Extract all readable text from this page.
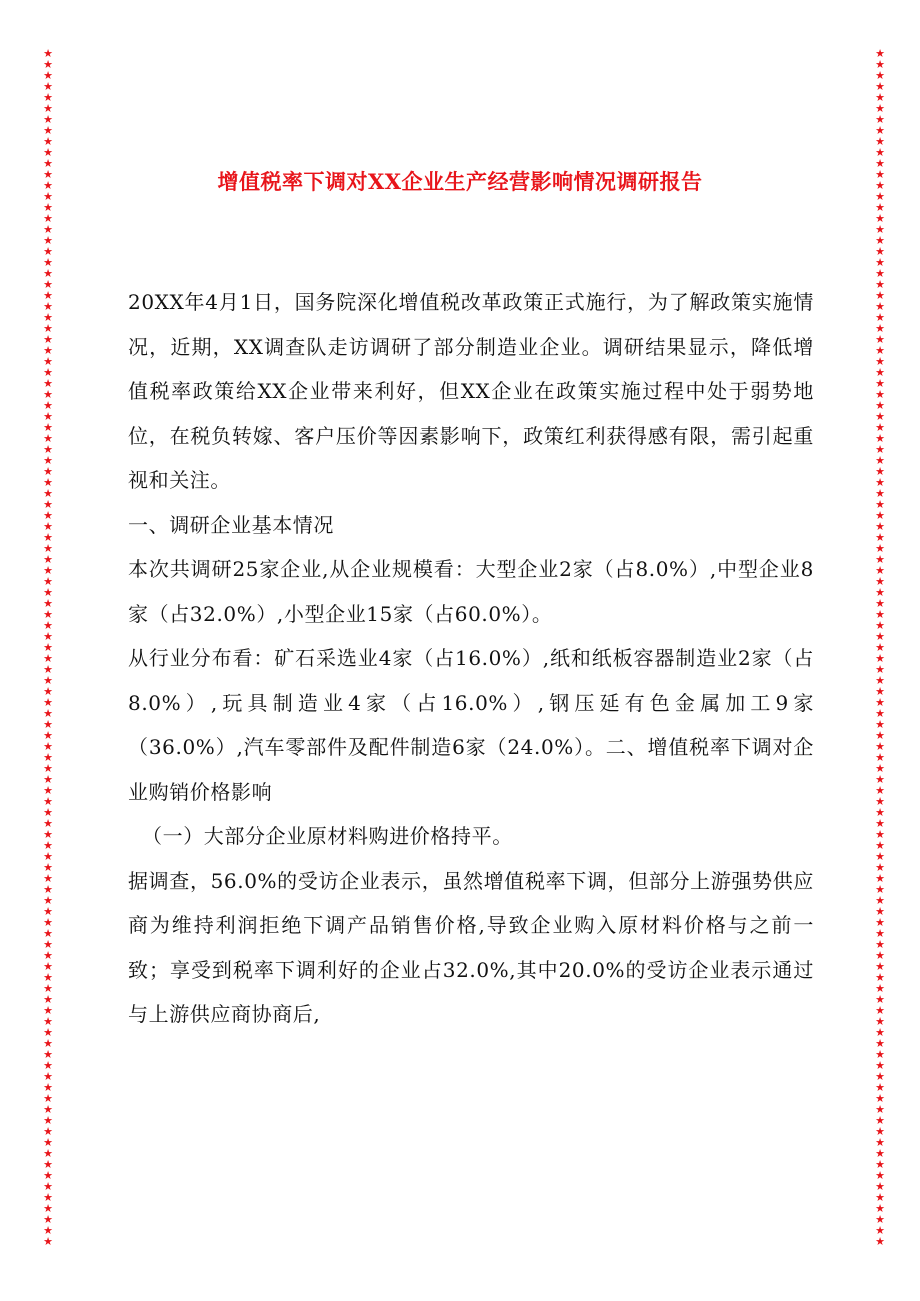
★
★
★
★
★
★
★
★
★
★
★
★
★
★
★
★
★
★
★
★
★
★
★
★
★
★
★
★
★
★
★
★
★
★
★
★
★
★
★
★
★
★
★
★
★
★
★
★
★
★
★
★
★
★
★
★
★
★
★
★
★
★
★
★
★
★
★
★
★
★
★
★
★
★
★
★
★
★
★
★
★
★
★
★
★
★
★
★
★
★
★
★
★
★
★
★
★
★
★
★
★
★
★
★
★
★
★
★
★
★
★
★
★
★
★
★
★
★
★
★
★
★
★
★
★
★
★
★
★
★
★
★
★
★
★
★
★
★
★
★
★
★
★
★
★
★
★
★
★
★
★
★
★
★
★
★
★
★
★
★
★
★
★
★
★
★
★
★
★
★
★
★
★
★
★
★
★
★
★
★
★
★
★
★
★
★
★
★
★
★
★
★
★
★
★
★
★
★
★
★
★
★
★
★
★
★
★
★
★
★
★
★
★
★
★
★
★
★
增值税率下调对XX企业生产经营影响情况调研报告

20XX年4月1日，国务院深化增值税改革政策正式施行，为了解政策实施情况，近期，XX调查队走访调研了部分制造业企业。调研结果显示，降低增值税率政策给XX企业带来利好，但XX企业在政策实施过程中处于弱势地位，在税负转嫁、客户压价等因素影响下，政策红利获得感有限，需引起重视和关注。

一、调研企业基本情况

本次共调研25家企业,从企业规模看：大型企业2家（占8.0%）,中型企业8家（占32.0%）,小型企业15家（占60.0%）。

从行业分布看：矿石采选业4家（占16.0%）,纸和纸板容器制造业2家（占8.0%）,玩具制造业4家（占16.0%）,钢压延有色金属加工9家（36.0%）,汽车零部件及配件制造6家（24.0%）。二、增值税率下调对企业购销价格影响

（一）大部分企业原材料购进价格持平。

据调查，56.0%的受访企业表示，虽然增值税率下调，但部分上游强势供应商为维持利润拒绝下调产品销售价格,导致企业购入原材料价格与之前一致；享受到税率下调利好的企业占32.0%,其中20.0%的受访企业表示通过与上游供应商协商后,
